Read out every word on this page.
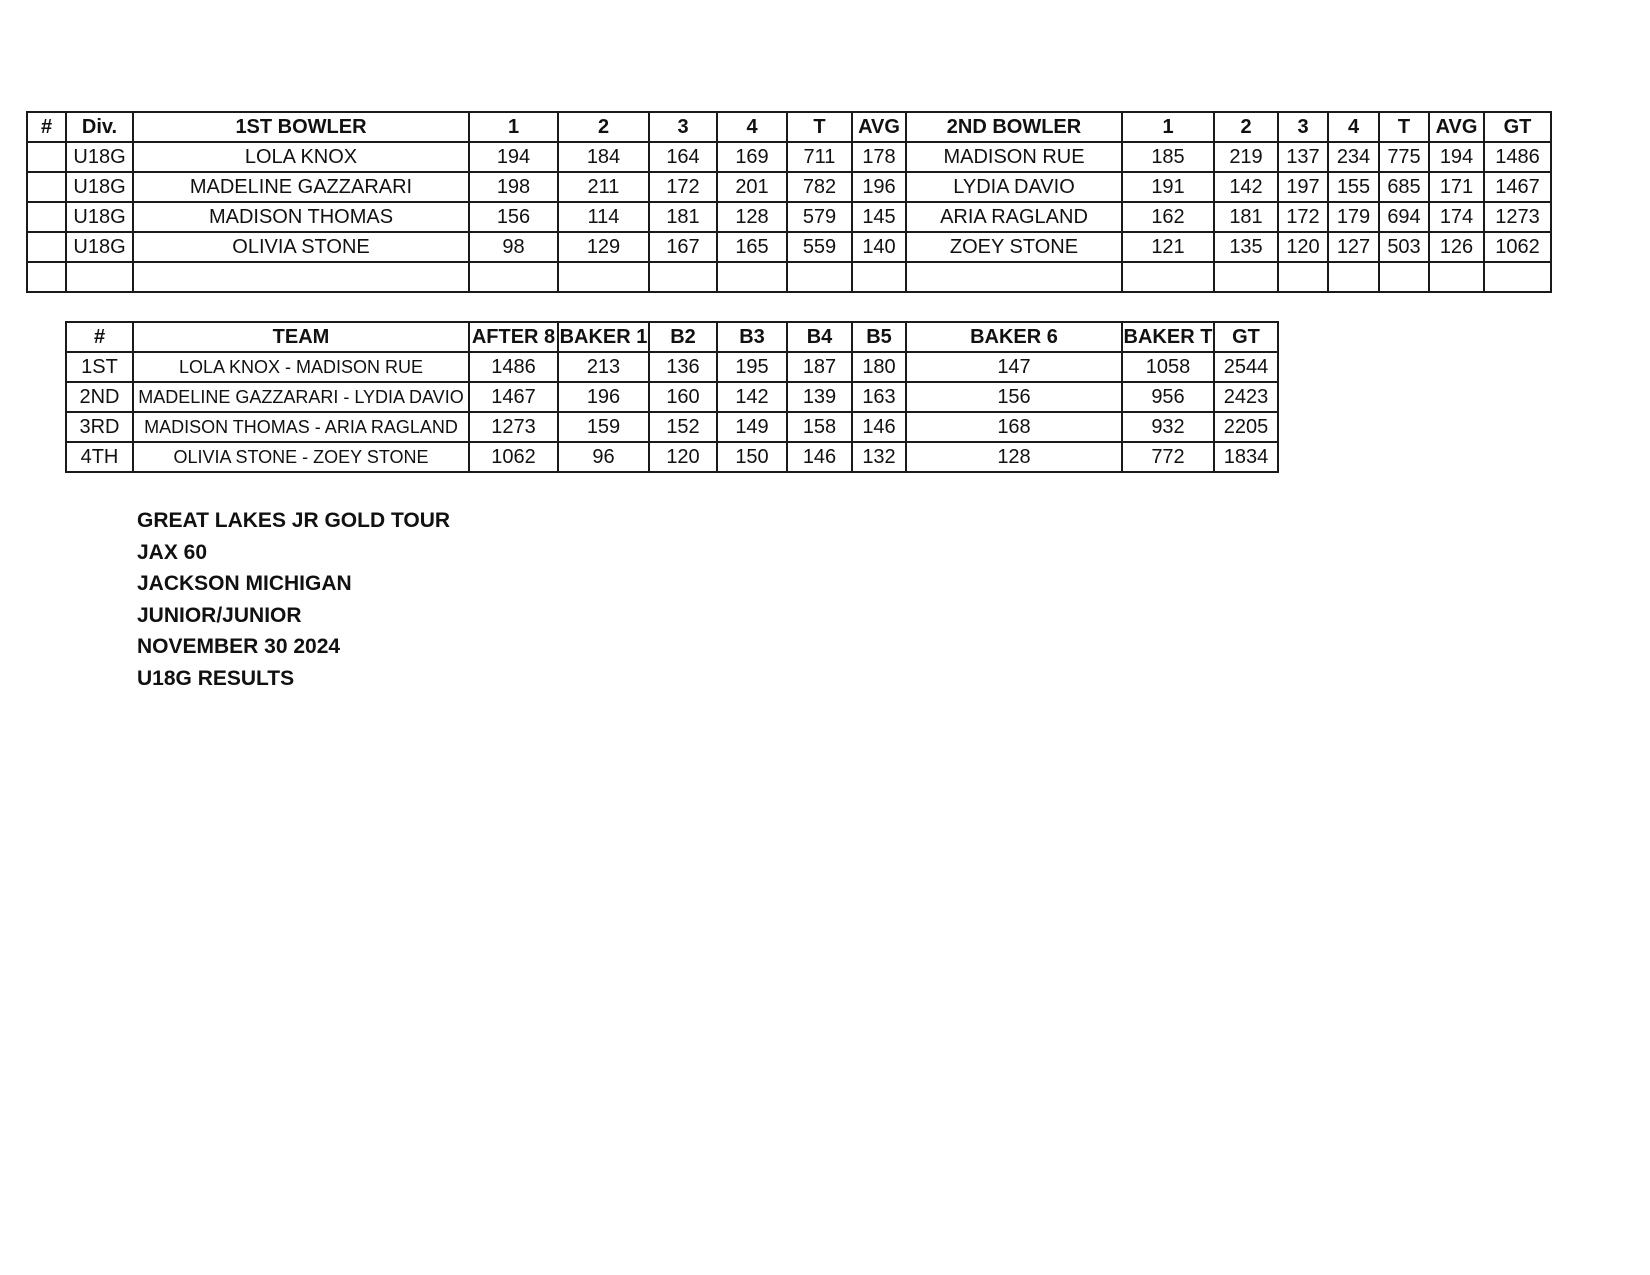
#	Div.	1ST BOWLER	1	2	3	4	T	AVG	2ND BOWLER	1	2	3	4	T	AVG	GT
	U18G	LOLA KNOX	194	184	164	169	711	178	MADISON RUE	185	219	137	234	775	194	1486
	U18G	MADELINE GAZZARARI	198	211	172	201	782	196	LYDIA DAVIO	191	142	197	155	685	171	1467
	U18G	MADISON THOMAS	156	114	181	128	579	145	ARIA RAGLAND	162	181	172	179	694	174	1273
	U18G	OLIVIA STONE	98	129	167	165	559	140	ZOEY STONE	121	135	120	127	503	126	1062

#	TEAM	AFTER 8	BAKER 1	B2	B3	B4	B5	BAKER 6	BAKER T	GT
1ST	LOLA KNOX - MADISON RUE	1486	213	136	195	187	180	147	1058	2544
2ND	MADELINE GAZZARARI - LYDIA DAVIO	1467	196	160	142	139	163	156	956	2423
3RD	MADISON THOMAS - ARIA RAGLAND	1273	159	152	149	158	146	168	932	2205
4TH	OLIVIA STONE - ZOEY STONE	1062	96	120	150	146	132	128	772	1834
GREAT LAKES JR GOLD TOUR
JAX 60
JACKSON MICHIGAN
JUNIOR/JUNIOR
NOVEMBER 30 2024
U18G RESULTS
